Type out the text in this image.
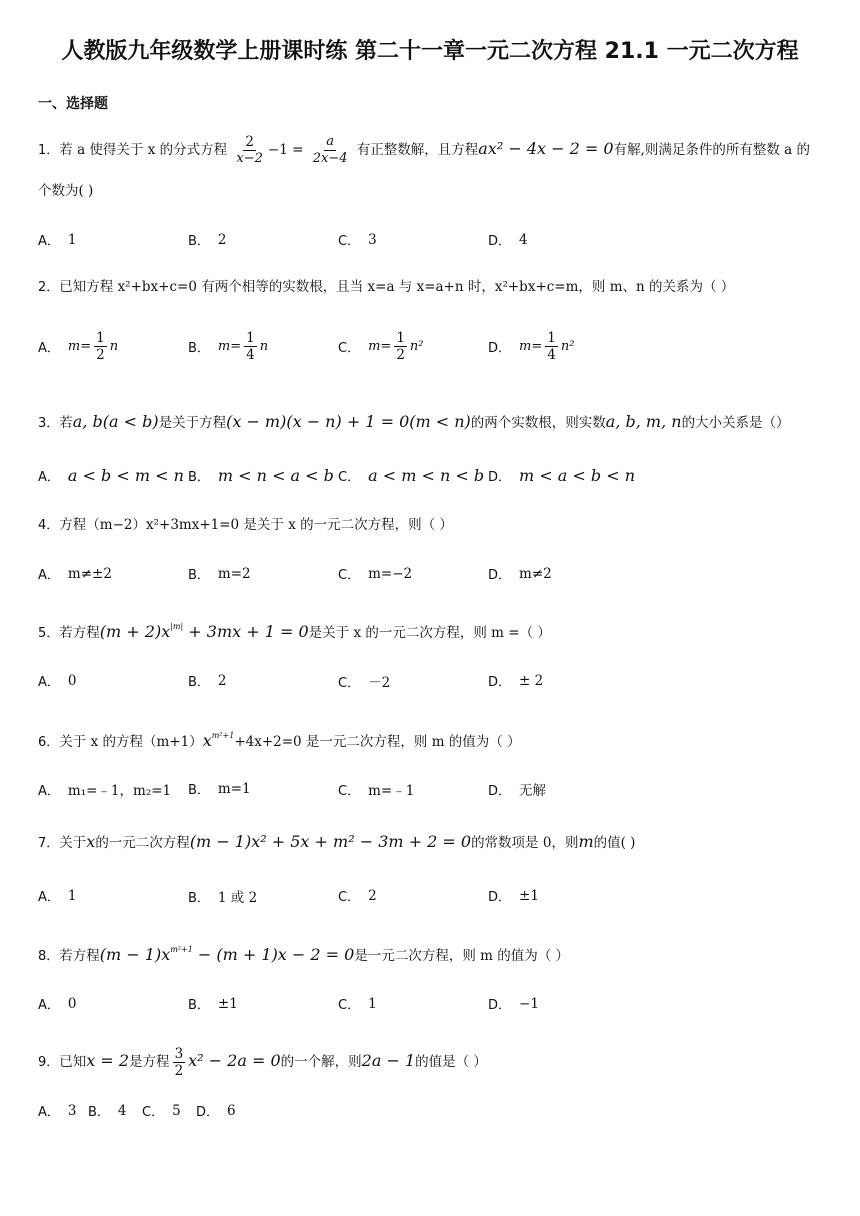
人教版九年级数学上册课时练 第二十一章一元二次方程 21.1 一元二次方程
一、选择题
1．若 a 使得关于 x 的分式方程 $\frac{2}{x-2} -1 = \frac{a}{2x-4}$ 有正整数解，且方程ax² − 4x − 2 = 0有解,则满足条件的所有整数 a 的
个数为( )
A． 1	B． 2	C． 3	D． 4
2．已知方程 x²+bx+c=0 有两个相等的实数根，且当 x=a 与 x=a+n 时，x²+bx+c=m，则 m、n 的关系为（ ）
A． $m= \frac{1}{2}$ n	B． $m= \frac{1}{4}$ n	C． $m= \frac{1}{2} n^2$	D． $m= \frac{1}{4} n^2$
3．若a, b(a < b)是关于方程(x − m)(x − n) + 1 = 0(m < n)的两个实数根，则实数a, b, m, n的大小关系是（）
A． a < b < m < n B． m < n < a < b C． a < m < n < b D． m < a < b < n
4．方程（m−2）x²+3mx+1=0 是关于 x 的一元二次方程，则（ ）
A． m≠±2	B． m=2	C． m=−2	D． m≠2
5．若方程$(m + 2)x^{|m|} + 3mx + 1 = 0$是关于 x 的一元二次方程，则 m =（ ）
A． 0	B． 2	C． －2	D． ± 2
6．关于 x 的方程$(m+1)x^{m^2+1}+4x+2=0$ 是一元二次方程，则 m 的值为（ ）
A． m₁=﹣1，m₂=1 B． m=1	C． m=﹣1	D． 无解
7．关于x的一元二次方程(m − 1)x² + 5x + m² − 3m + 2 = 0的常数项是 0，则m的值( )
A． 1	B． 1 或 2	C． 2	D． ±1
8．若方程$(m - 1)x^{m^2+1} - (m + 1)x - 2 = 0$是一元二次方程，则 m 的值为（ ）
A． 0	B． ±1	C． 1	D． −1
9．已知x = 2是方程 $\frac{3}{2} x^2 - 2a = 0$的一个解，则2a − 1的值是（ ）
A． 3 B． 4 C． 5 D． 6
